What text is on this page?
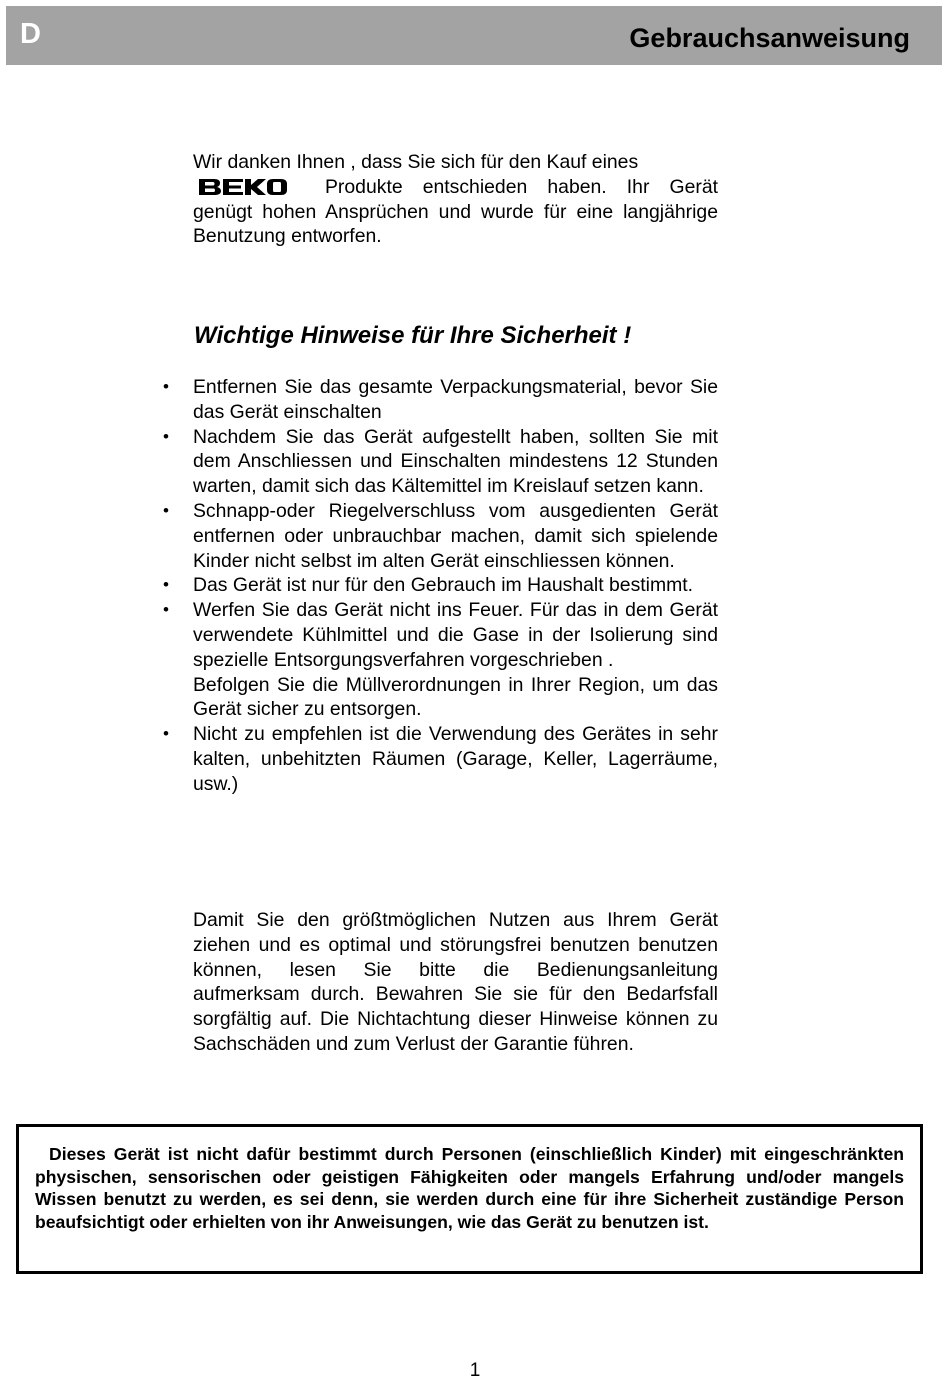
D	Gebrauchsanweisung
Wir danken Ihnen , dass Sie sich für den Kauf eines

Produkte entschieden haben. Ihr Gerät genügt hohen Ansprüchen und wurde für eine langjährige Benutzung entworfen.
Wichtige Hinweise für Ihre Sicherheit !
• Entfernen Sie das gesamte Verpackungsmaterial, bevor Sie das Gerät einschalten
• Nachdem Sie das Gerät aufgestellt haben, sollten Sie mit dem Anschliessen und Einschalten mindestens 12 Stunden warten, damit sich das Kältemittel im Kreislauf setzen kann.
• Schnapp-oder Riegelverschluss vom ausgedienten Gerät entfernen oder unbrauchbar machen, damit sich spielende Kinder nicht selbst im alten Gerät einschliessen können.
• Das Gerät ist nur für den Gebrauch im Haushalt bestimmt.
• Werfen Sie das Gerät nicht ins Feuer. Für das in dem Gerät verwendete Kühlmittel und die Gase in der Isolierung sind spezielle Entsorgungsverfahren vorgeschrieben .
Befolgen Sie die Müllverordnungen in Ihrer Region, um das Gerät sicher zu entsorgen.
• Nicht zu empfehlen ist die Verwendung des Gerätes in sehr kalten, unbehitzten Räumen (Garage, Keller, Lagerräume, usw.)
Damit Sie den größtmöglichen Nutzen aus Ihrem Gerät ziehen und es optimal und störungsfrei benutzen benutzen können, lesen Sie bitte die Bedienungsanleitung aufmerksam durch. Bewahren Sie sie für den Bedarfsfall sorgfältig auf. Die Nichtachtung dieser Hinweise können zu Sachschäden und zum Verlust der Garantie führen.

Dieses Gerät ist nicht dafür bestimmt durch Personen (einschließlich Kinder) mit eingeschränkten physischen, sensorischen oder geistigen Fähigkeiten oder mangels Erfahrung und/oder mangels Wissen benutzt zu werden, es sei denn, sie werden durch eine für ihre Sicherheit zuständige Person beaufsichtigt oder erhielten von ihr Anweisungen, wie das Gerät zu benutzen ist.

1
